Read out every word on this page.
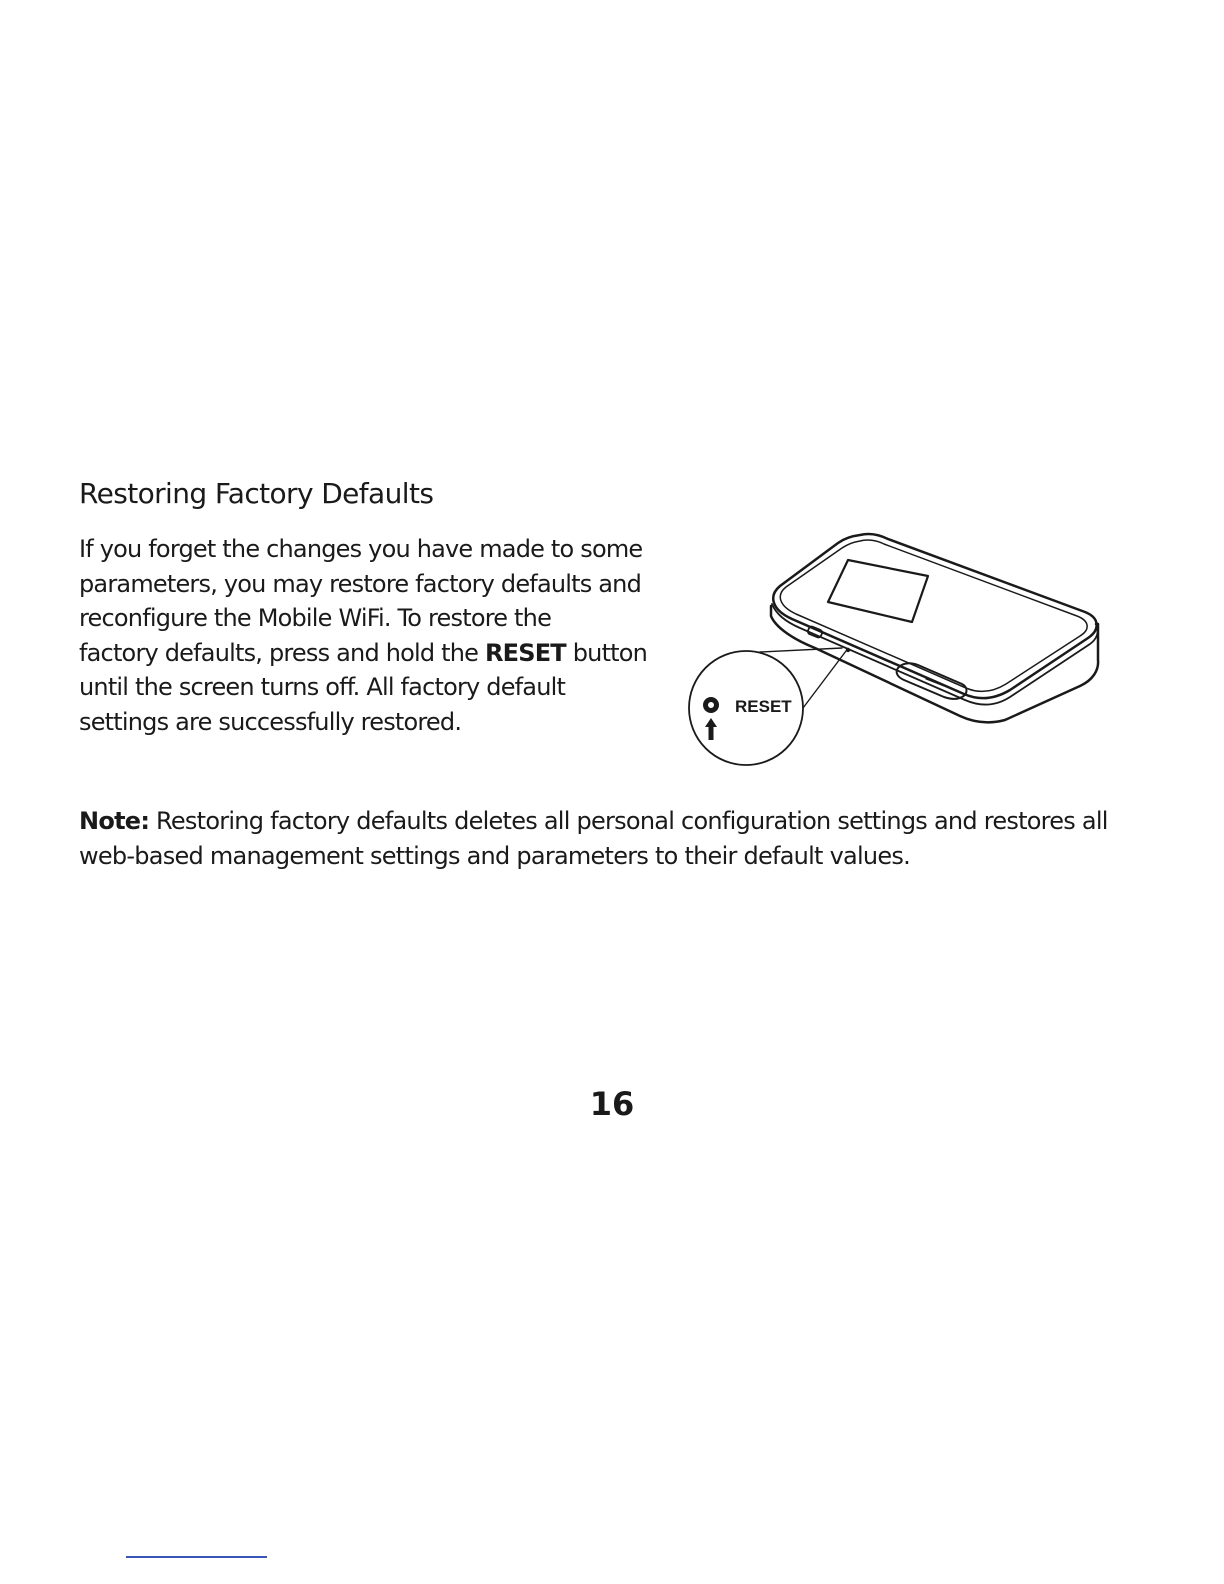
Restoring Factory Defaults

If you forget the changes you have made to some
parameters, you may restore factory defaults and
reconfigure the Mobile WiFi. To restore the
factory defaults, press and hold the RESET button
until the screen turns off. All factory default
settings are successfully restored.

RESET

Note: Restoring factory defaults deletes all personal configuration settings and restores all
web-based management settings and parameters to their default values.

16
